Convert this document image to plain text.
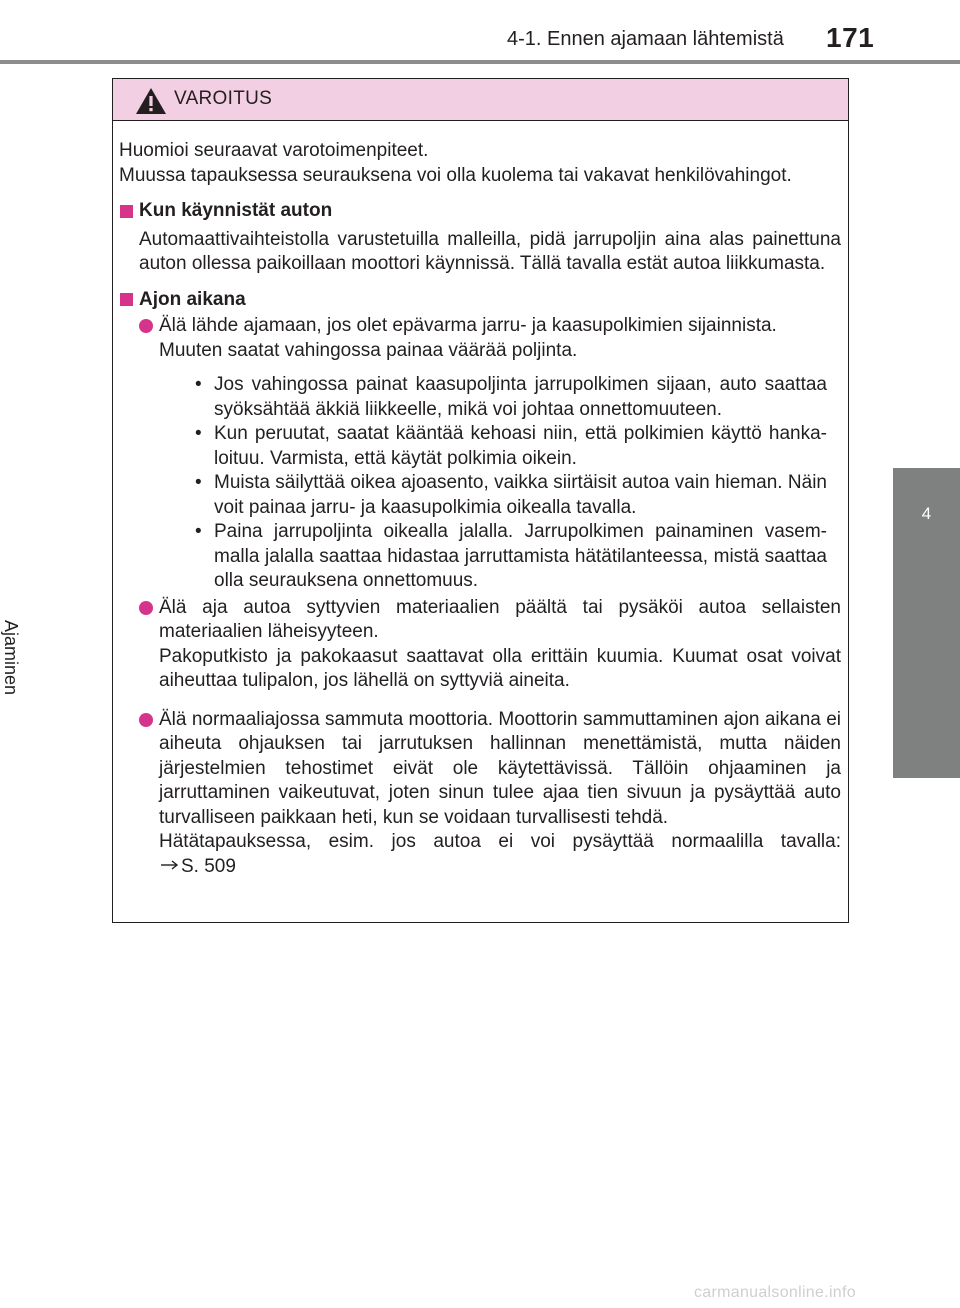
4-1. Ennen ajamaan lähtemistä 171
4
Ajaminen
VAROITUS

Huomioi seuraavat varotoimenpiteet.

Muussa tapauksessa seurauksena voi olla kuolema tai vakavat henkilövahingot.

Kun käynnistät auton

Automaattivaihteistolla varustetuilla malleilla, pidä jarrupoljin aina alas painettuna auton ollessa paikoillaan moottori käynnissä. Tällä tavalla estät autoa liikkumasta.

Ajon aikana

Älä lähde ajamaan, jos olet epävarma jarru- ja kaasupolkimien sijainnista.

Muuten saatat vahingossa painaa väärää poljinta.

• Jos vahingossa painat kaasupoljinta jarrupolkimen sijaan, auto saattaa syöksähtää äkkiä liikkeelle, mikä voi johtaa onnettomuuteen.
• Kun peruutat, saatat kääntää kehoasi niin, että polkimien käyttö hankaloituu. Varmista, että käytät polkimia oikein.
• Muista säilyttää oikea ajoasento, vaikka siirtäisit autoa vain hieman. Näin voit painaa jarru- ja kaasupolkimia oikealla tavalla.
• Paina jarrupoljinta oikealla jalalla. Jarrupolkimen painaminen vasemmalla jalalla saattaa hidastaa jarruttamista hätätilanteessa, mistä saattaa olla seurauksena onnettomuus.

Älä aja autoa syttyvien materiaalien päältä tai pysäköi autoa sellaisten materiaalien läheisyyteen.

Pakoputkisto ja pakokaasut saattavat olla erittäin kuumia. Kuumat osat voivat aiheuttaa tulipalon, jos lähellä on syttyviä aineita.

Älä normaaliajossa sammuta moottoria. Moottorin sammuttaminen ajon aikana ei aiheuta ohjauksen tai jarrutuksen hallinnan menettämistä, mutta näiden järjestelmien tehostimet eivät ole käytettävissä. Tällöin ohjaaminen ja jarruttaminen vaikeutuvat, joten sinun tulee ajaa tien sivuun ja pysäyttää auto turvalliseen paikkaan heti, kun se voidaan turvallisesti tehdä.

Hätätapauksessa, esim. jos autoa ei voi pysäyttää normaalilla tavalla:

S. 509

carmanualsonline.info
